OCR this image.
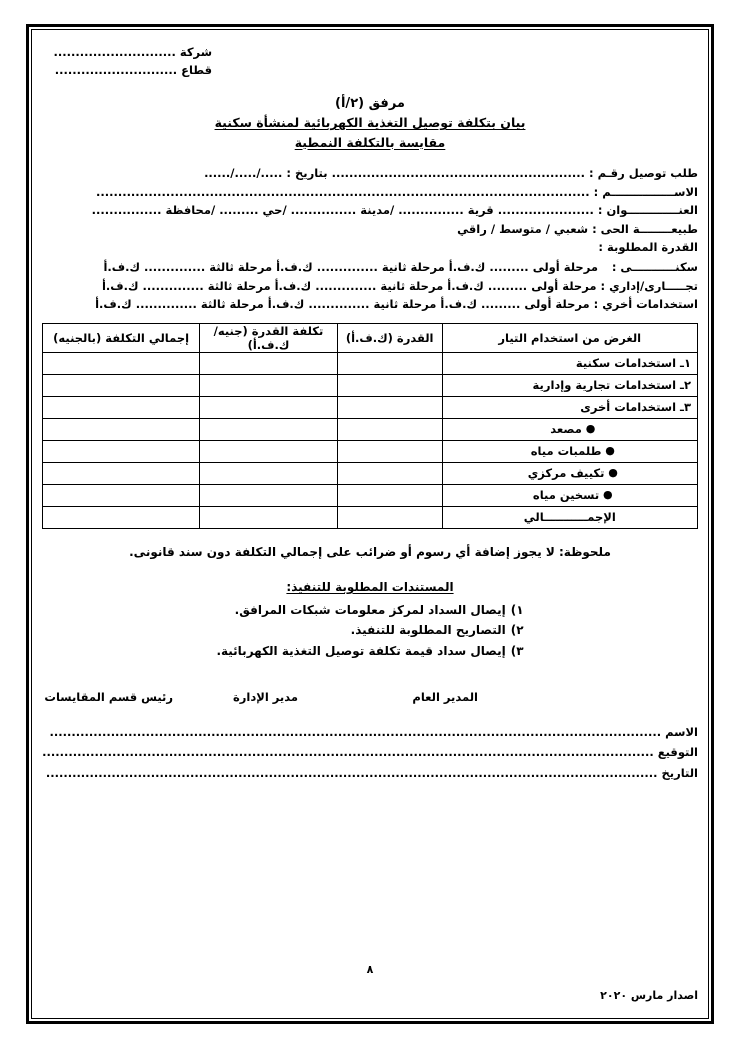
شركة ............................
قطاع ............................
مرفق (٢/أ)
بيان بتكلفة توصيل التغذية الكهربائية لمنشأة سكنية
مقايسة بالتكلفة النمطية
طلب توصيل رقـم : .......................................................... بتاريخ : ...../...../......
الاســــــــــــــــم : .................................................................................................................
العنـــــــــــــوان : ...................... قرية ............... /مدينة ............... /حي ......... /محافظة ................
طبيعــــــــة الحى : شعبي / متوسط / راقي
القدرة المطلوبة :
سكنـــــــــــى : مرحلة أولى ......... ك.ف.أ مرحلة ثانية .............. ك.ف.أ مرحلة ثالثة .............. ك.ف.أ
تجـــــارى/إداري : مرحلة أولى ......... ك.ف.أ مرحلة ثانية .............. ك.ف.أ مرحلة ثالثة .............. ك.ف.أ
استخدامات أخري : مرحلة أولى ......... ك.ف.أ مرحلة ثانية .............. ك.ف.أ مرحلة ثالثة .............. ك.ف.أ
الغرض من استخدام التيار	القدرة (ك.ف.أ)	تكلفة القدرة (جنيه/ك.ف.أ)	إجمالي التكلفة (بالجنيه)
١ـ استخدامات سكنية			
٢ـ استخدامات تجارية وإدارية			
٣ـ استخدامات أخرى			
● مصعد			
● طلمبات مياه			
● تكييف مركزي			
● تسخين مياه			
الإجمـــــــــــالي			
ملحوظة: لا يجوز إضافة أي رسوم أو ضرائب على إجمالي التكلفة دون سند قانونى.
المستندات المطلوبة للتنفيذ:
١)إيصال السداد لمركز معلومات شبكات المرافق.
٢)التصاريح المطلوبة للتنفيذ.
٣)إيصال سداد قيمة تكلفة توصيل التغذية الكهربائية.
رئيس قسم المقايسات	مدير الإدارة	المدير العام
الاسم ............................................................................................................................................
التوقيع ............................................................................................................................................
التاريخ ............................................................................................................................................
٨
اصدار مارس ٢٠٢٠
